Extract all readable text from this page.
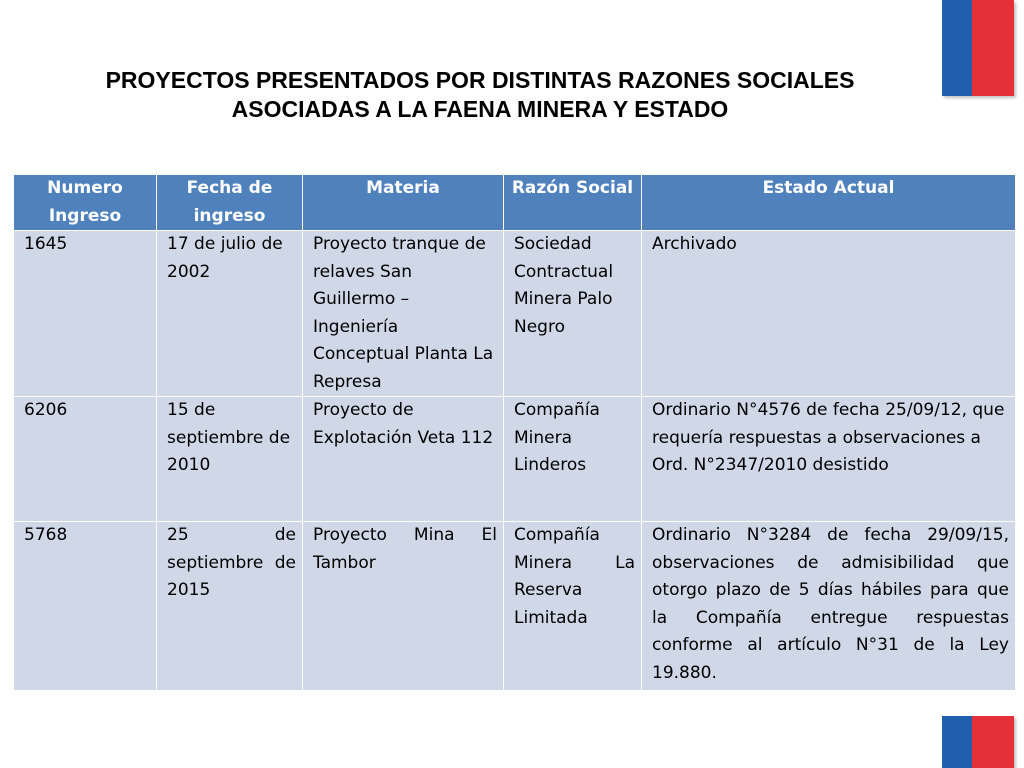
PROYECTOS PRESENTADOS POR DISTINTAS RAZONES SOCIALES
ASOCIADAS A LA FAENA MINERA Y ESTADO
Numero Ingreso	Fecha de ingreso	Materia	Razón Social	Estado Actual
1645	17 de julio de 2002	Proyecto tranque de relaves San Guillermo – Ingeniería Conceptual Planta La Represa	Sociedad Contractual Minera Palo Negro	Archivado
6206	15 de septiembre de 2010	Proyecto de Explotación Veta 112	Compañía Minera Linderos	Ordinario N°4576 de fecha 25/09/12, que requería respuestas a observaciones a Ord. N°2347/2010 desistido
5768	25 de septiembre de 2015	Proyecto Mina El Tambor	Compañía Minera La Reserva Limitada	Ordinario N°3284 de fecha 29/09/15, observaciones de admisibilidad que otorgo plazo de 5 días hábiles para que la Compañía entregue respuestas conforme al artículo N°31 de la Ley 19.880.
